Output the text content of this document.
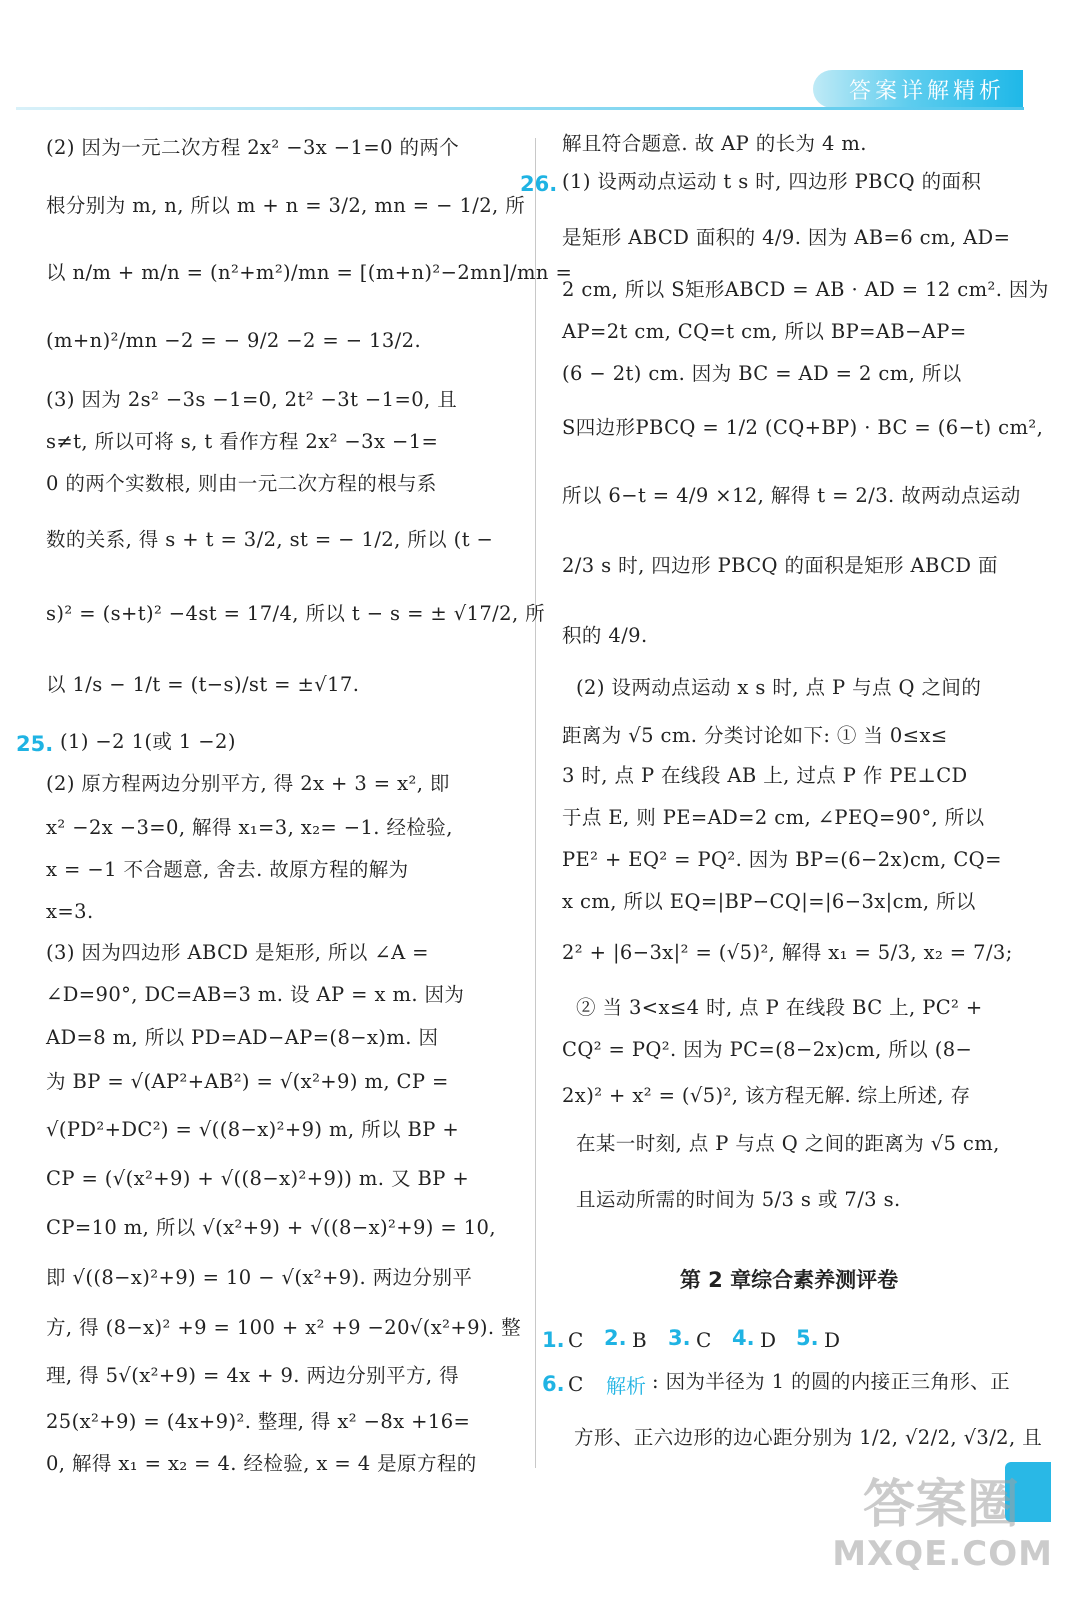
答案详解精析
(2) 因为一元二次方程 2x² −3x −1=0 的两个
根分别为 m, n, 所以 m + n = 3/2, mn = − 1/2, 所
以 n/m + m/n = (n²+m²)/mn = [(m+n)²−2mn]/mn =
(m+n)²/mn −2 = − 9/2 −2 = − 13/2.
(3) 因为 2s² −3s −1=0, 2t² −3t −1=0, 且
s≠t, 所以可将 s, t 看作方程 2x² −3x −1=
0 的两个实数根, 则由一元二次方程的根与系
数的关系, 得 s + t = 3/2, st = − 1/2, 所以 (t −
s)² = (s+t)² −4st = 17/4, 所以 t − s = ± √17/2, 所
以 1/s − 1/t = (t−s)/st = ±√17.
25. (1) −2 1(或 1 −2)
(2) 原方程两边分别平方, 得 2x + 3 = x², 即
x² −2x −3=0, 解得 x₁=3, x₂= −1. 经检验,
x = −1 不合题意, 舍去. 故原方程的解为
x=3.
(3) 因为四边形 ABCD 是矩形, 所以 ∠A =
∠D=90°, DC=AB=3 m. 设 AP = x m. 因为
AD=8 m, 所以 PD=AD−AP=(8−x)m. 因
为 BP = √(AP²+AB²) = √(x²+9) m, CP =
√(PD²+DC²) = √((8−x)²+9) m, 所以 BP +
CP = (√(x²+9) + √((8−x)²+9)) m. 又 BP +
CP=10 m, 所以 √(x²+9) + √((8−x)²+9) = 10,
即 √((8−x)²+9) = 10 − √(x²+9). 两边分别平
方, 得 (8−x)² +9 = 100 + x² +9 −20√(x²+9). 整
理, 得 5√(x²+9) = 4x + 9. 两边分别平方, 得
25(x²+9) = (4x+9)². 整理, 得 x² −8x +16=
0, 解得 x₁ = x₂ = 4. 经检验, x = 4 是原方程的
解且符合题意. 故 AP 的长为 4 m.
26. (1) 设两动点运动 t s 时, 四边形 PBCQ 的面积
是矩形 ABCD 面积的 4/9. 因为 AB=6 cm, AD=
2 cm, 所以 S矩形ABCD = AB · AD = 12 cm². 因为
AP=2t cm, CQ=t cm, 所以 BP=AB−AP=
(6 − 2t) cm. 因为 BC = AD = 2 cm, 所以
S四边形PBCQ = 1/2 (CQ+BP) · BC = (6−t) cm²,
所以 6−t = 4/9 ×12, 解得 t = 2/3. 故两动点运动
2/3 s 时, 四边形 PBCQ 的面积是矩形 ABCD 面
积的 4/9.
(2) 设两动点运动 x s 时, 点 P 与点 Q 之间的
距离为 √5 cm. 分类讨论如下: ① 当 0≤x≤
3 时, 点 P 在线段 AB 上, 过点 P 作 PE⊥CD
于点 E, 则 PE=AD=2 cm, ∠PEQ=90°, 所以
PE² + EQ² = PQ². 因为 BP=(6−2x)cm, CQ=
x cm, 所以 EQ=|BP−CQ|=|6−3x|cm, 所以
2² + |6−3x|² = (√5)², 解得 x₁ = 5/3, x₂ = 7/3;
② 当 3<x≤4 时, 点 P 在线段 BC 上, PC² +
CQ² = PQ². 因为 PC=(8−2x)cm, 所以 (8−
2x)² + x² = (√5)², 该方程无解. 综上所述, 存
在某一时刻, 点 P 与点 Q 之间的距离为 √5 cm,
且运动所需的时间为 5/3 s 或 7/3 s.
第 2 章综合素养测评卷
1. C 2. B 3. C 4. D 5. D
6. C 解析 : 因为半径为 1 的圆的内接正三角形、正
方形、正六边形的边心距分别为 1/2, √2/2, √3/2, 且
答案圈
MXQE.COM
